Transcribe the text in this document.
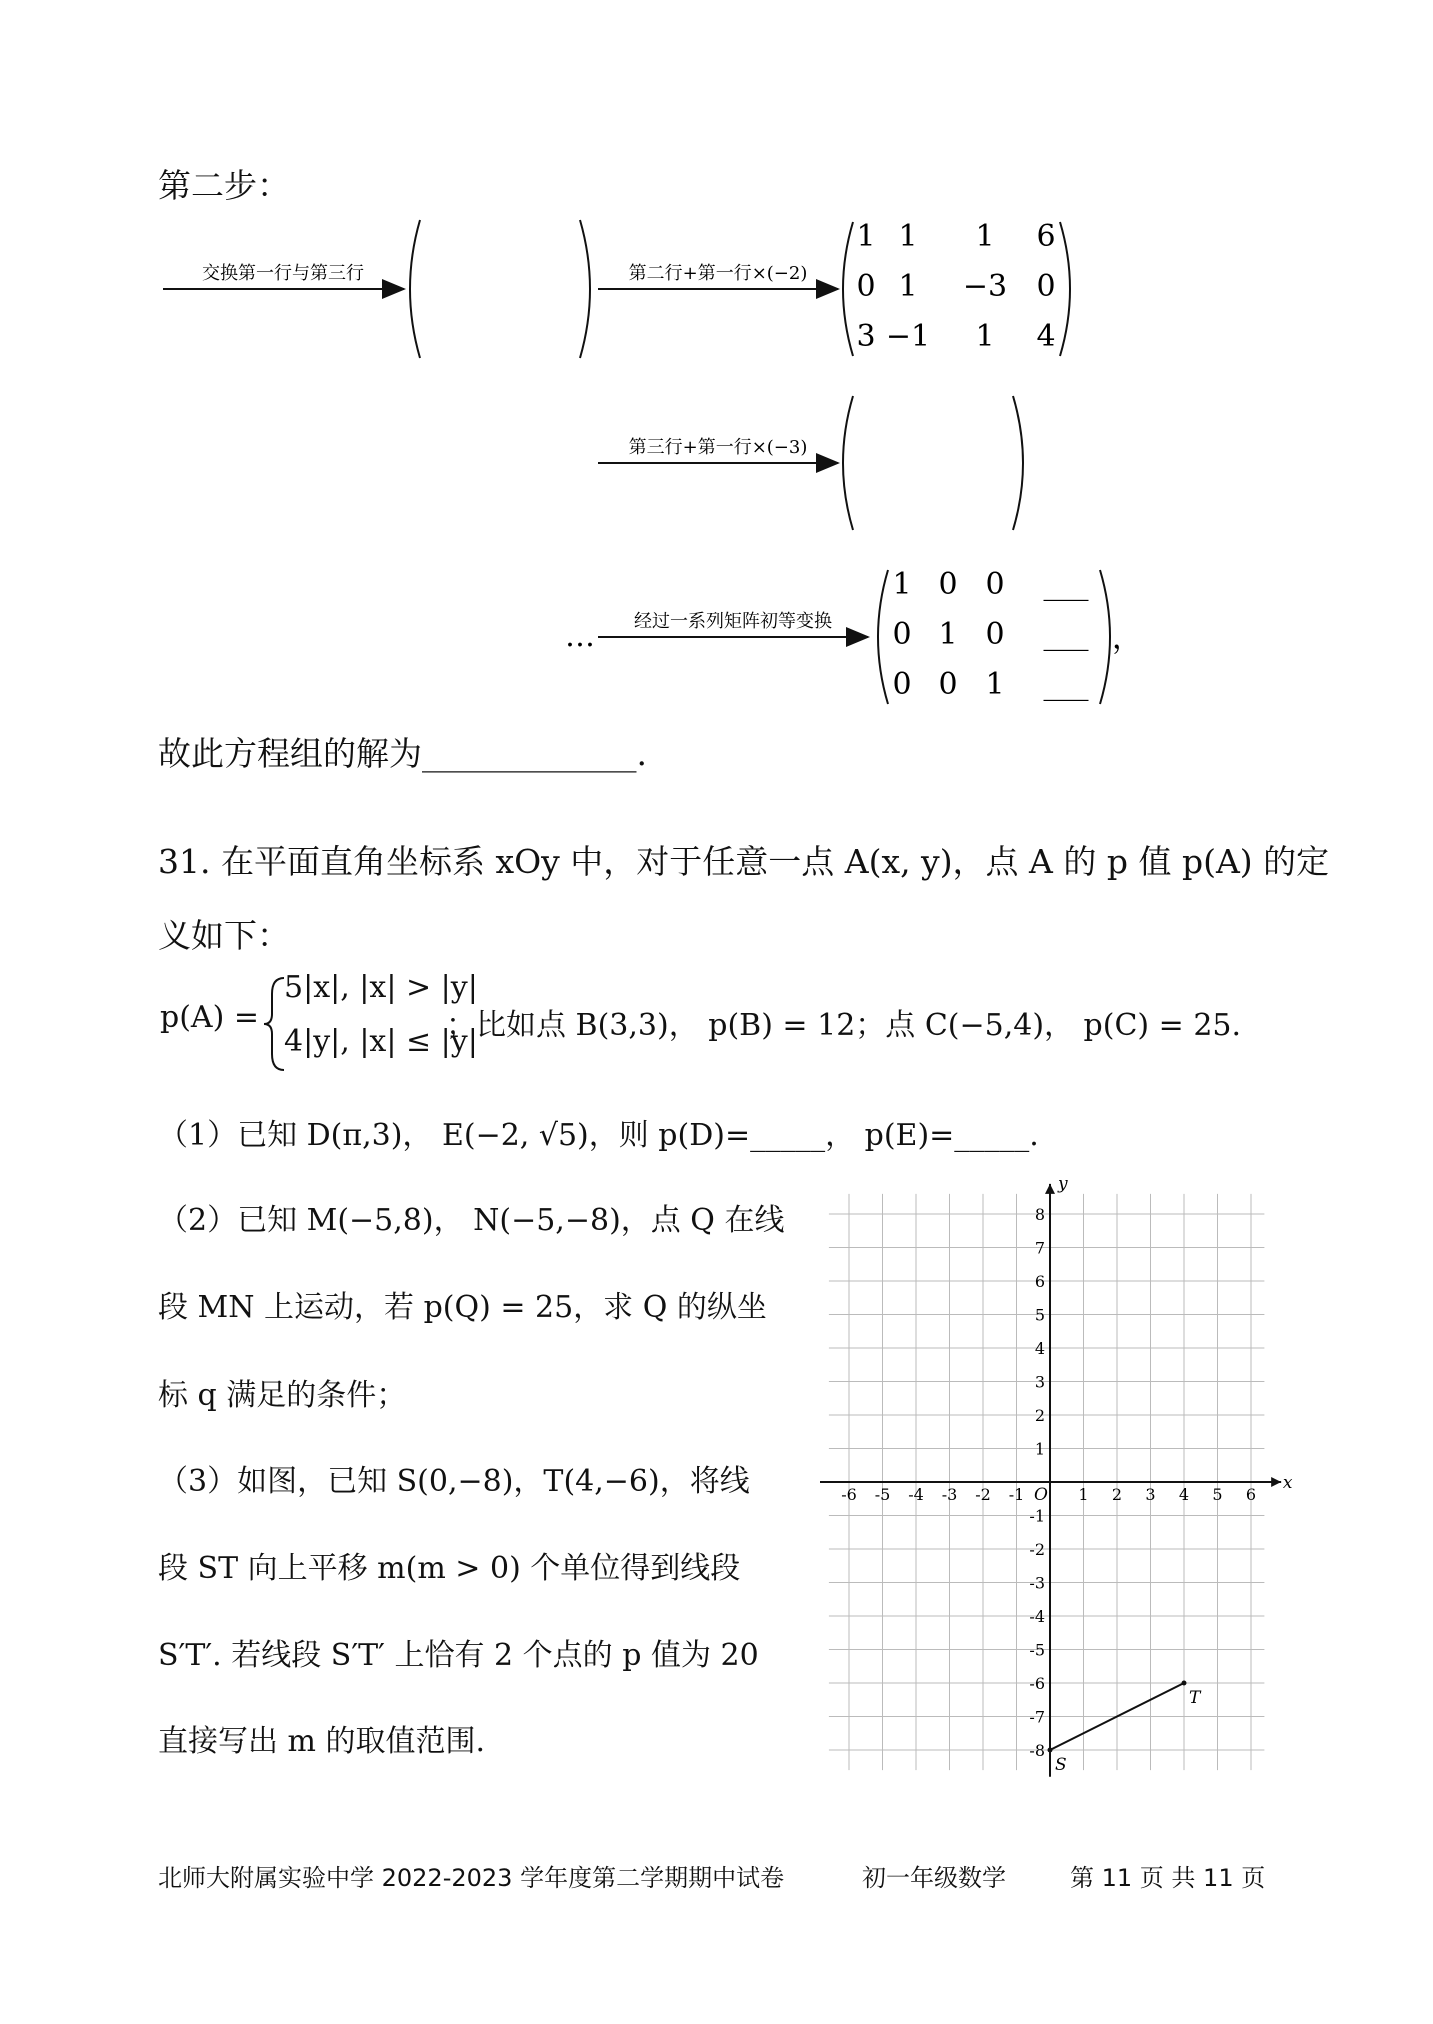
第二步：
交换第一行与第三行	第二行+第一行×(−2)
1 1 1 6
0 1 −3 0
3 −1 1 4
第三行+第一行×(−3)
… 经过一系列矩阵初等变换
1 0 0 ___
0 1 0 ___
0 0 1 ___
，
故此方程组的解为_____________.
31. 在平面直角坐标系 xOy 中，对于任意一点 A(x, y)，点 A 的 p 值 p(A) 的定
义如下：
p(A) =
5|x|, |x| > |y|
4|y|, |x| ≤ |y|
；比如点 B(3,3)， p(B) = 12；点 C(−5,4)， p(C) = 25.
（1）已知 D(π,3)， E(−2, √5)，则 p(D)=_____， p(E)=_____.
（2）已知 M(−5,8)， N(−5,−8)，点 Q 在线
段 MN 上运动，若 p(Q) = 25，求 Q 的纵坐
标 q 满足的条件；
（3）如图，已知 S(0,−8)，T(4,−6)，将线
段 ST 向上平移 m(m > 0) 个单位得到线段
S′T′. 若线段 S′T′ 上恰有 2 个点的 p 值为 20
直接写出 m 的取值范围.
x
y
O
-6 -5 -4 -3 -2 -1	1 2 3 4 5 6
8
7
6
5
4
3
2
1
-1
-2
-3
-4
-5
-6
-7
-8
S
T
北师大附属实验中学 2022-2023 学年度第二学期期中试卷	初一年级数学	第 11 页 共 11 页
